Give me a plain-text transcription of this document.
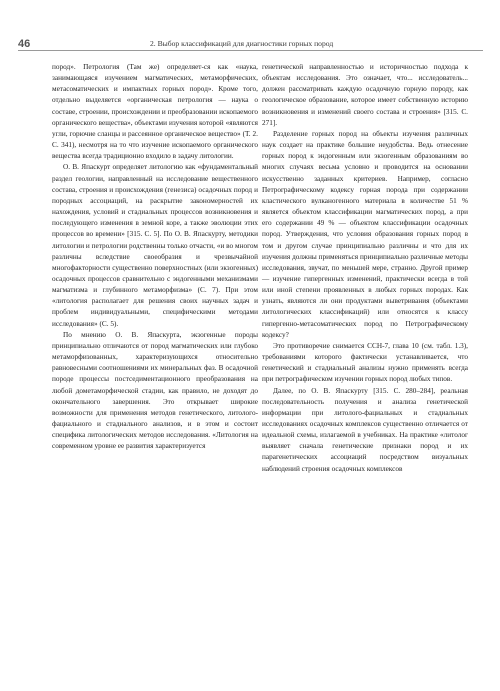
46	2. Выбор классификаций для диагностики горных пород

пород». Петрология (Там же) определяет-ся как «наука, занимающаяся изучением магматических, метаморфических, метасоматических и импактных горных пород». Кроме того, отдельно выделяется «органическая петрология — наука о составе, строении, происхождении и преобразовании ископаемого органического вещества», объектами изучения которой «являются угли, горючие сланцы и рассеянное органическое вещество» (Т. 2. С. 341), несмотря на то что изучение ископаемого органического вещества всегда традиционно входило в задачу литологии.

О. В. Япаскурт определяет литологию как «фундаментальный раздел геологии, направленный на исследование вещественного состава, строения и происхождения (генезиса) осадочных пород и породных ассоциаций, на раскрытие закономерностей их нахождения, условий и стадиальных процессов возникновения и последующего изменения в земной коре, а также эволюции этих процессов во времени» [315. С. 5]. По О. В. Япаскурту, методики литологии и петрологии родственны только отчасти, «и во многом различны вследствие своеобразия и чрезвычайной многофакторности существенно поверхностных (или экзогенных) осадочных процессов сравнительно с эндогенными механизмами магматизма и глубинного метаморфизма» (С. 7). При этом «литология располагает для решения своих научных задач и проблем индивидуальными, специфическими методами исследования» (С. 5).

По мнению О. В. Япаскурта, экзогенные породы принципиально отличаются от пород магматических или глубоко метаморфизованных, характеризующихся относительно равновесными соотношениями их минеральных фаз. В осадочной породе процессы постседиментационного преобразования на любой дометаморфической стадии, как правило, не доходят до окончательного завершения. Это открывает широкие возможности для применения методов генетического, литолого-фациального и стадиального анализов, и в этом и состоит специфика литологических методов исследования. «Литология на современном уровне ее развития характеризуется

генетической направленностью и историчностью подхода к объектам исследования. Это означает, что... исследователь... должен рассматривать каждую осадочную горную породу, как геологическое образование, которое имеет собственную историю возникновения и изменений своего состава и строения» [315. С. 271].

Разделение горных пород на объекты изучения различных наук создает на практике большие неудобства. Ведь отнесение горных пород к эндогенным или экзогенным образованиям во многих случаях весьма условно и проводится на основании искусственно заданных критериев. Например, согласно Петрографическому кодексу горная порода при содержании кластического вулканогенного материала в количестве 51 % является объектом классификации магматических пород, а при его содержании 49 % — объектом классификации осадочных пород. Утверждения, что условия образования горных пород в том и другом случае принципиально различны и что для их изучения должны применяться принципиально различные методы исследования, звучат, по меньшей мере, странно. Другой пример — изучение гипергенных изменений, практически всегда в той или иной степени проявленных в любых горных породах. Как узнать, являются ли они продуктами выветривания (объектами литологических классификаций) или относятся к классу гипергенно-метасоматических пород по Петрографическому кодексу?

Это противоречие снимается ССН-7, глава 10 (см. табл. 1.3), требованиями которого фактически устанавливается, что генетический и стадиальный анализы нужно применять всегда при петрографическом изучении горных пород любых типов.

Далее, по О. В. Япаскурту [315. С. 280–284], реальная последовательность получения и анализа генетической информации при литолого-фациальных и стадиальных исследованиях осадочных комплексов существенно отличается от идеальной схемы, излагаемой в учебниках. На практике «литолог выявляет сначала генетические признаки пород и их парагенетических ассоциаций посредством визуальных наблюдений строения осадочных комплексов
